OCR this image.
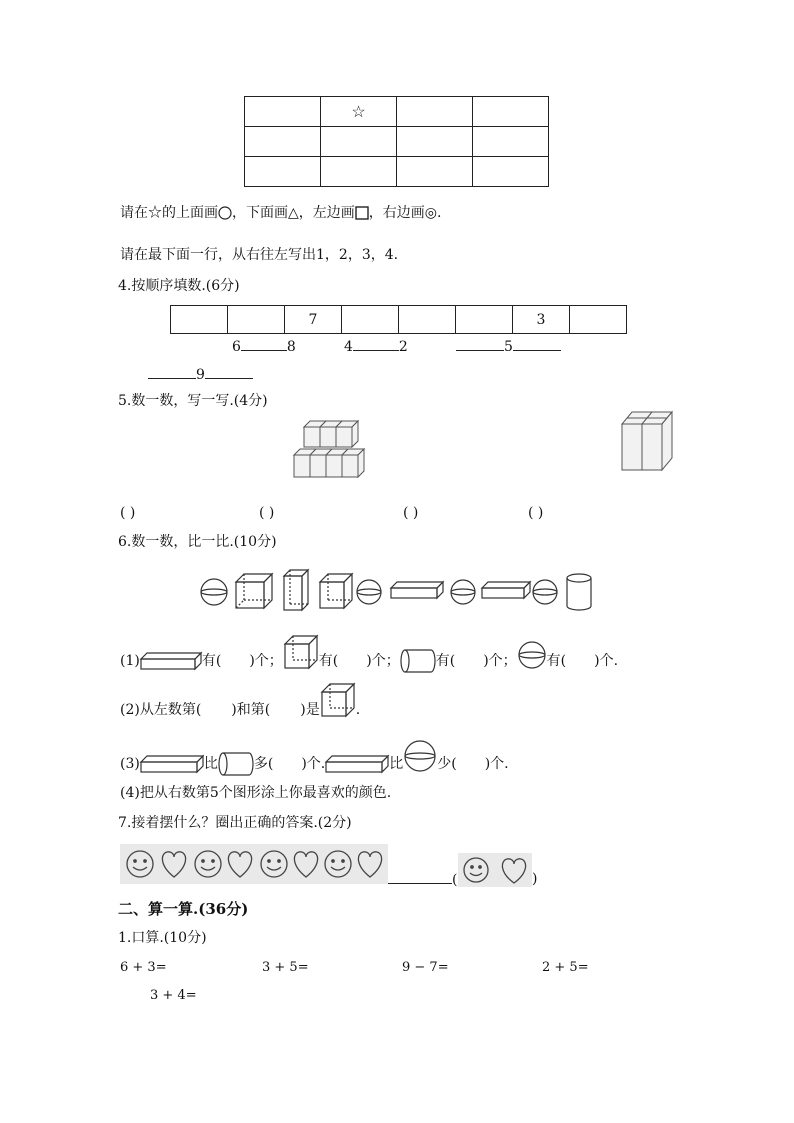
	☆		

请在☆的上面画 ，下面画△，左边画 ，右边画◎.
请在最下面一行，从右往左写出1，2，3，4.
4.按顺序填数.(6分)
		7				3	
6	8	4	2	5
9
5.数一数，写一写.(4分)
( )	( )	( )	( )
6.数一数，比一比.(10分)
(1)	有( )个；	有( )个；	有( )个； 有( )个.
(2)从左数第( )和第( )是	.
(3)	比	多( )个.	比 少( )个.
(4)把从右数第5个图形涂上你最喜欢的颜色.
7.接着摆什么？圈出正确的答案.(2分)
(	)
二、算一算.(36分)
1.口算.(10分)
6 + 3=	3 + 5=	9 − 7=	2 + 5=
3 + 4=
